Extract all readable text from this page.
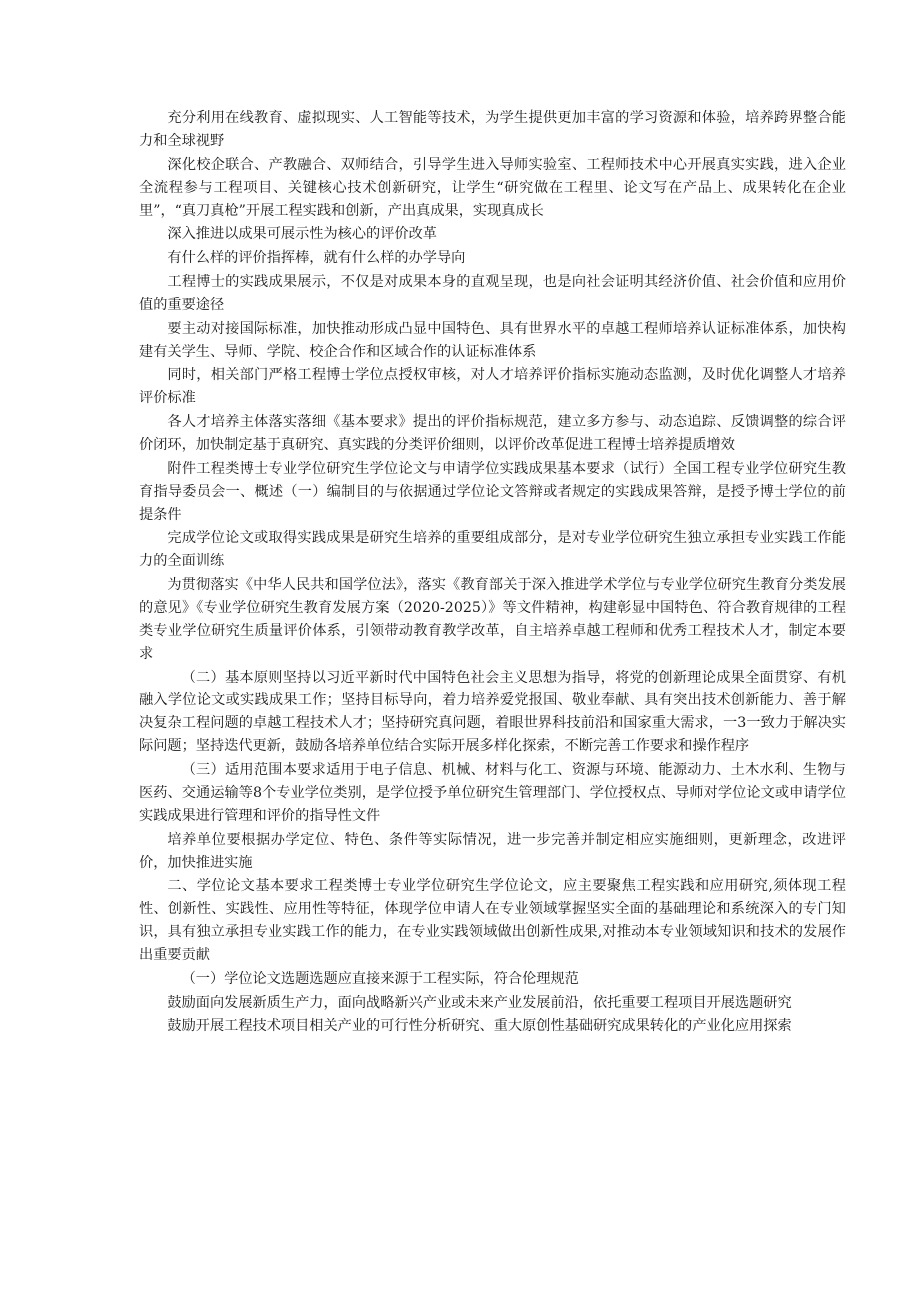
充分利用在线教育、虚拟现实、人工智能等技术，为学生提供更加丰富的学习资源和体验，培养跨界整合能力和全球视野

深化校企联合、产教融合、双师结合，引导学生进入导师实验室、工程师技术中心开展真实实践，进入企业全流程参与工程项目、关键核心技术创新研究，让学生“研究做在工程里、论文写在产品上、成果转化在企业里”，“真刀真枪”开展工程实践和创新，产出真成果，实现真成长

深入推进以成果可展示性为核心的评价改革

有什么样的评价指挥棒，就有什么样的办学导向

工程博士的实践成果展示，不仅是对成果本身的直观呈现，也是向社会证明其经济价值、社会价值和应用价值的重要途径

要主动对接国际标准，加快推动形成凸显中国特色、具有世界水平的卓越工程师培养认证标准体系，加快构建有关学生、导师、学院、校企合作和区域合作的认证标准体系

同时，相关部门严格工程博士学位点授权审核，对人才培养评价指标实施动态监测，及时优化调整人才培养评价标准

各人才培养主体落实落细《基本要求》提出的评价指标规范，建立多方参与、动态追踪、反馈调整的综合评价闭环，加快制定基于真研究、真实践的分类评价细则，以评价改革促进工程博士培养提质增效

附件工程类博士专业学位研究生学位论文与申请学位实践成果基本要求（试行）全国工程专业学位研究生教育指导委员会一、概述（一）编制目的与依据通过学位论文答辩或者规定的实践成果答辩，是授予博士学位的前提条件

完成学位论文或取得实践成果是研究生培养的重要组成部分，是对专业学位研究生独立承担专业实践工作能力的全面训练

为贯彻落实《中华人民共和国学位法》，落实《教育部关于深入推进学术学位与专业学位研究生教育分类发展的意见》《专业学位研究生教育发展方案（2020-2025）》等文件精神，构建彰显中国特色、符合教育规律的工程类专业学位研究生质量评价体系，引领带动教育教学改革，自主培养卓越工程师和优秀工程技术人才，制定本要求

（二）基本原则坚持以习近平新时代中国特色社会主义思想为指导，将党的创新理论成果全面贯穿、有机融入学位论文或实践成果工作；坚持目标导向，着力培养爱党报国、敬业奉献、具有突出技术创新能力、善于解决复杂工程问题的卓越工程技术人才；坚持研究真问题，着眼世界科技前沿和国家重大需求，一3一致力于解决实际问题；坚持迭代更新，鼓励各培养单位结合实际开展多样化探索，不断完善工作要求和操作程序

（三）适用范围本要求适用于电子信息、机械、材料与化工、资源与环境、能源动力、土木水利、生物与医药、交通运输等8个专业学位类别，是学位授予单位研究生管理部门、学位授权点、导师对学位论文或申请学位实践成果进行管理和评价的指导性文件

培养单位要根据办学定位、特色、条件等实际情况，进一步完善并制定相应实施细则，更新理念，改进评价，加快推进实施

二、学位论文基本要求工程类博士专业学位研究生学位论文，应主要聚焦工程实践和应用研究,须体现工程性、创新性、实践性、应用性等特征，体现学位申请人在专业领域掌握坚实全面的基础理论和系统深入的专门知识，具有独立承担专业实践工作的能力，在专业实践领域做出创新性成果,对推动本专业领域知识和技术的发展作出重要贡献

（一）学位论文选题选题应直接来源于工程实际，符合伦理规范

鼓励面向发展新质生产力，面向战略新兴产业或未来产业发展前沿，依托重要工程项目开展选题研究

鼓励开展工程技术项目相关产业的可行性分析研究、重大原创性基础研究成果转化的产业化应用探索
